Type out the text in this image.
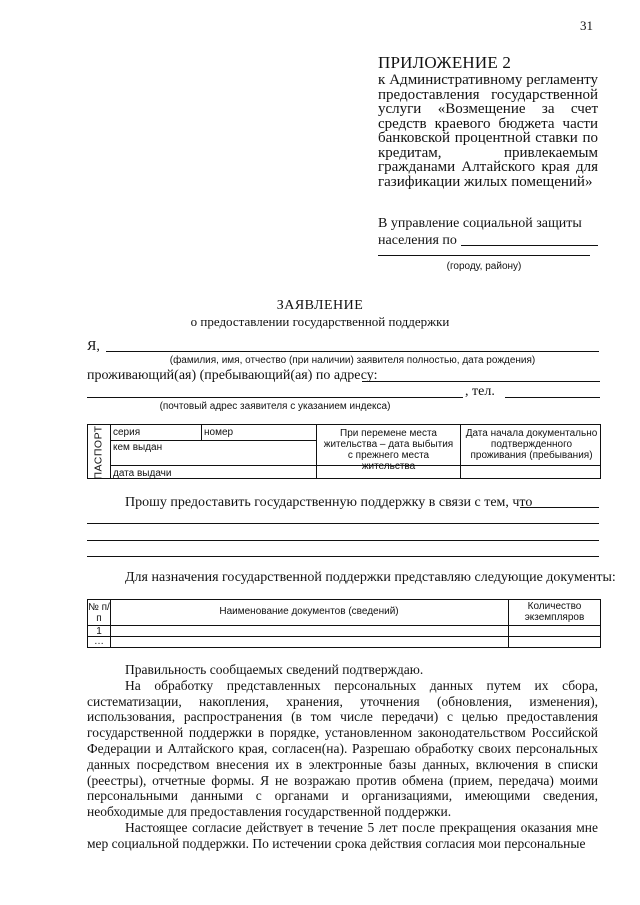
31
ПРИЛОЖЕНИЕ 2
к Административному регламенту предоставления государственной услуги «Возмещение за счет средств краевого бюджета части банковской процентной ставки по кредитам, привлекаемым гражданами Алтайского края для газификации жилых помещений»
В управление социальной защиты
населения по
(городу, району)
ЗАЯВЛЕНИЕ
о предоставлении государственной поддержки
Я,
(фамилия, имя, отчество (при наличии) заявителя полностью, дата рождения)
проживающий(ая) (пребывающий(ая) по адресу:
, тел.
(почтовый адрес заявителя с указанием индекса)
ПАСПОРТ серия	номер
кем выдан
дата выдачи
При перемене места жительства – дата выбытия с прежнего места жительства
Дата начала документально подтвержденного проживания (пребывания)
Прошу предоставить государственную поддержку в связи с тем, что
Для назначения государственной поддержки представляю следующие документы:
№ п/п
Наименование документов (сведений)	Количество экземпляров
1
…

Правильность сообщаемых сведений подтверждаю.

На обработку представленных персональных данных путем их сбора, систематизации, накопления, хранения, уточнения (обновления, изменения), использования, распространения (в том числе передачи) с целью предоставления государственной поддержки в порядке, установленном законодательством Российской Федерации и Алтайского края, согласен(на). Разрешаю обработку своих персональных данных посредством внесения их в электронные базы данных, включения в списки (реестры), отчетные формы. Я не возражаю против обмена (прием, передача) моими персональными данными с органами и организациями, имеющими сведения, необходимые для предоставления государственной поддержки.

Настоящее согласие действует в течение 5 лет после прекращения оказания мне мер социальной поддержки. По истечении срока действия согласия мои персональные
